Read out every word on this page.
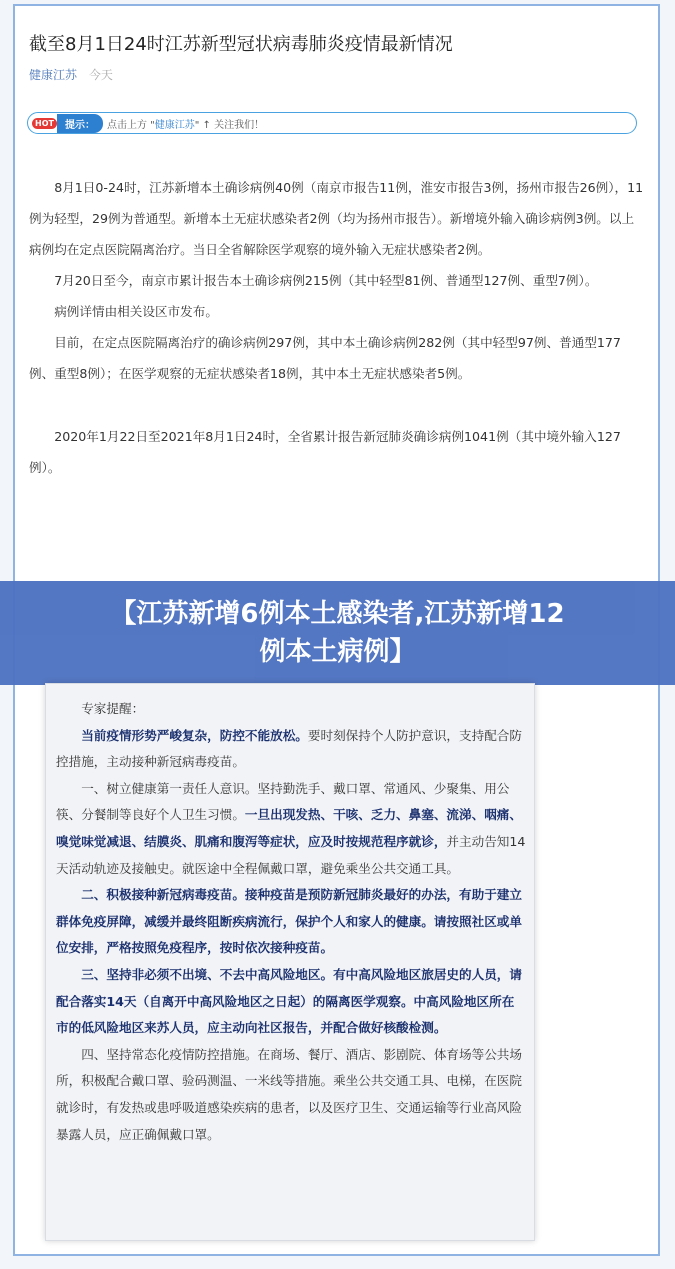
截至8月1日24时江苏新型冠状病毒肺炎疫情最新情况
健康江苏 今天
HOT	提示：	点击上方 " 健康江苏 " ↑ 关注我们！

8月1日0-24时，江苏新增本土确诊病例40例（南京市报告11例，淮安市报告3例，扬州市报告26例），11例为轻型，29例为普通型。新增本土无症状感染者2例（均为扬州市报告）。新增境外输入确诊病例3例。以上病例均在定点医院隔离治疗。当日全省解除医学观察的境外输入无症状感染者2例。

7月20日至今，南京市累计报告本土确诊病例215例（其中轻型81例、普通型127例、重型7例）。

病例详情由相关设区市发布。

目前，在定点医院隔离治疗的确诊病例297例，其中本土确诊病例282例（其中轻型97例、普通型177例、重型8例）；在医学观察的无症状感染者18例，其中本土无症状感染者5例。

2020年1月22日至2021年8月1日24时，全省累计报告新冠肺炎确诊病例1041例（其中境外输入127例）。

【江苏新增6例本土感染者,江苏新增12
例本土病例】

专家提醒：

当前疫情形势严峻复杂，防控不能放松。要时刻保持个人防护意识，支持配合防控措施，主动接种新冠病毒疫苗。

一、树立健康第一责任人意识。坚持勤洗手、戴口罩、常通风、少聚集、用公筷、分餐制等良好个人卫生习惯。一旦出现发热、干咳、乏力、鼻塞、流涕、咽痛、嗅觉味觉减退、结膜炎、肌痛和腹泻等症状，应及时按规范程序就诊，并主动告知14天活动轨迹及接触史。就医途中全程佩戴口罩，避免乘坐公共交通工具。

二、积极接种新冠病毒疫苗。接种疫苗是预防新冠肺炎最好的办法，有助于建立群体免疫屏障，减缓并最终阻断疾病流行，保护个人和家人的健康。请按照社区或单位安排，严格按照免疫程序，按时依次接种疫苗。

三、坚持非必须不出境、不去中高风险地区。有中高风险地区旅居史的人员，请配合落实14天（自离开中高风险地区之日起）的隔离医学观察。中高风险地区所在市的低风险地区来苏人员，应主动向社区报告，并配合做好核酸检测。

四、坚持常态化疫情防控措施。在商场、餐厅、酒店、影剧院、体育场等公共场所，积极配合戴口罩、验码测温、一米线等措施。乘坐公共交通工具、电梯，在医院就诊时，有发热或患呼吸道感染疾病的患者，以及医疗卫生、交通运输等行业高风险暴露人员，应正确佩戴口罩。
